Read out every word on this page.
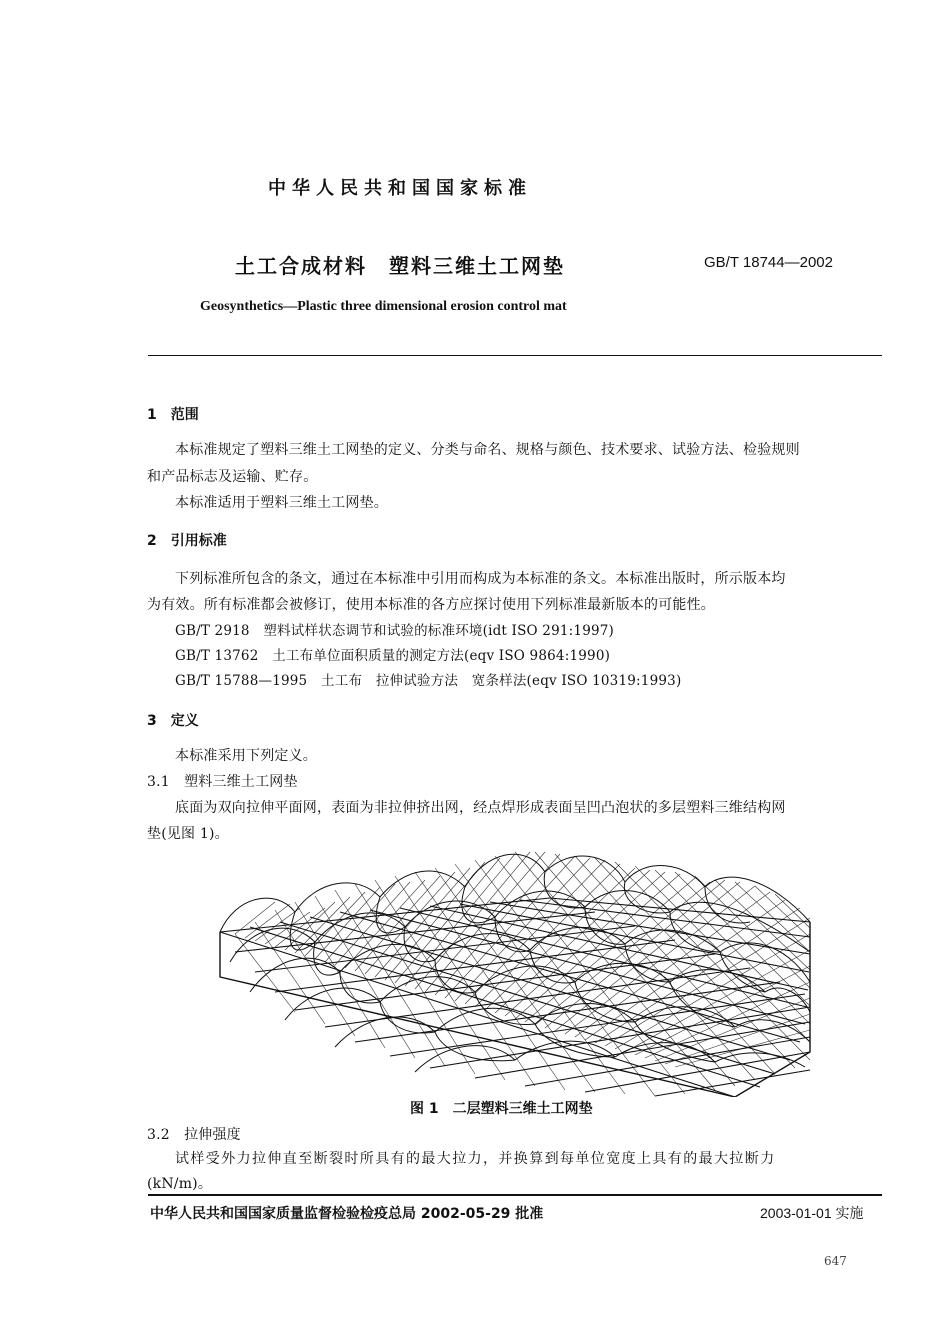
中华人民共和国国家标准
土工合成材料　塑料三维土工网垫	GB/T 18744—2002
Geosynthetics—Plastic three dimensional erosion control mat
1　范围
本标准规定了塑料三维土工网垫的定义、分类与命名、规格与颜色、技术要求、试验方法、检验规则
和产品标志及运输、贮存。
本标准适用于塑料三维土工网垫。
2　引用标准
下列标准所包含的条文，通过在本标准中引用而构成为本标准的条文。本标准出版时，所示版本均
为有效。所有标准都会被修订，使用本标准的各方应探讨使用下列标准最新版本的可能性。
GB/T 2918　塑料试样状态调节和试验的标准环境(idt ISO 291:1997)
GB/T 13762　土工布单位面积质量的测定方法(eqv ISO 9864:1990)
GB/T 15788—1995　土工布　拉伸试验方法　宽条样法(eqv ISO 10319:1993)
3　定义
本标准采用下列定义。
3.1　塑料三维土工网垫
底面为双向拉伸平面网，表面为非拉伸挤出网，经点焊形成表面呈凹凸泡状的多层塑料三维结构网
垫(见图 1)。
图 1　二层塑料三维土工网垫
3.2　拉伸强度
试样受外力拉伸直至断裂时所具有的最大拉力，并换算到每单位宽度上具有的最大拉断力
(kN/m)。
中华人民共和国国家质量监督检验检疫总局 2002-05-29 批准	2003-01-01 实施
647
